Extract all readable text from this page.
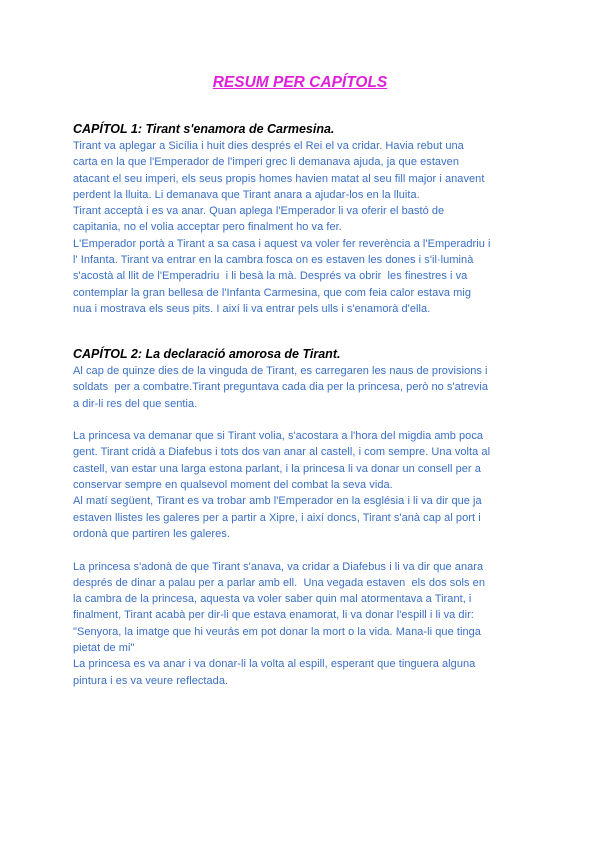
RESUM PER CAPÍTOLS
CAPÍTOL 1: Tirant s'enamora de Carmesina.
Tirant va aplegar a Sicília i huit dies després el Rei el va cridar. Havia rebut una
carta en la que l'Emperador de l'imperi grec li demanava ajuda, ja que estaven
atacant el seu imperi, els seus propis homes havien matat al seu fill major i anavent
perdent la lluita. Li demanava que Tirant anara a ajudar-los en la lluita.
Tirant acceptà i es va anar. Quan aplega l'Emperador li va oferir el bastó de
capitania, no el volia acceptar pero finalment ho va fer.
L'Emperador portà a Tirant a sa casa i aquest va voler fer reverència a l'Emperadriu i
l' Infanta. Tirant va entrar en la cambra fosca on es estaven les dones i s'il·luminà
s'acostà al llit de l'Emperadriu  i li besà la mà. Després va obrir  les finestres i va
contemplar la gran bellesa de l'Infanta Carmesina, que com feia calor estava mig
nua i mostrava els seus pits. I així li va entrar pels ulls i s'enamorà d'ella.
CAPÍTOL 2: La declaració amorosa de Tirant.
Al cap de quinze dies de la vinguda de Tirant, es carregaren les naus de provisions i
soldats  per a combatre.Tirant preguntava cada dia per la princesa, però no s'atrevia
a dir-li res del que sentia.
La princesa va demanar que si Tirant volia, s'acostara a l'hora del migdia amb poca
gent. Tirant cridà a Diafebus i tots dos van anar al castell, i com sempre. Una volta al
castell, van estar una larga estona parlant, i la princesa li va donar un consell per a
conservar sempre en qualsevol moment del combat la seva vida.
Al matí següent, Tirant es va trobar amb l'Emperador en la església i li va dir que ja
estaven llistes les galeres per a partir a Xipre, i així doncs, Tirant s'anà cap al port i
ordonà que partiren les galeres.
La princesa s'adonà de que Tirant s'anava, va cridar a Diafebus i li va dir que anara
després de dinar a palau per a parlar amb ell.  Una vegada estaven  els dos sols en
la cambra de la princesa, aquesta va voler saber quin mal atormentava a Tirant, i
finalment, Tirant acabà per dir-li que estava enamorat, li va donar l'espill i li va dir:
"Senyora, la imatge que hi veurás em pot donar la mort o la vida. Mana-li que tinga
pietat de mi"
La princesa es va anar i va donar-li la volta al espill, esperant que tinguera alguna
pintura i es va veure reflectada.
